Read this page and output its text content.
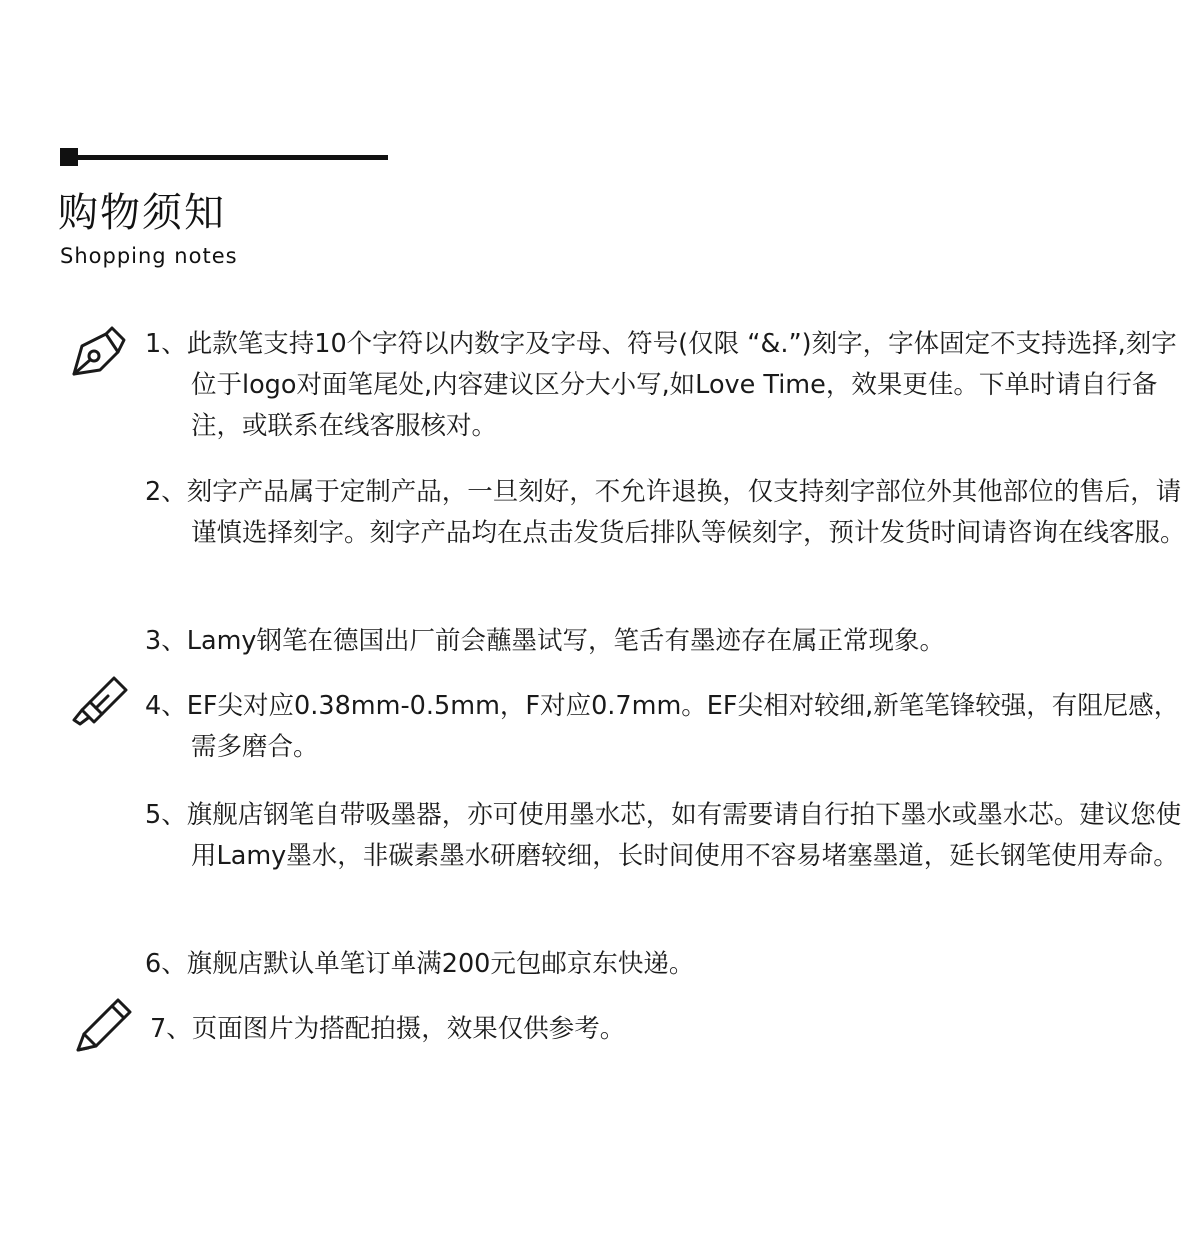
购物须知
Shopping notes
1、此款笔支持10个字符以内数字及字母、符号(仅限 “&.”)刻字，字体固定不支持选择,刻字位于logo对面笔尾处,内容建议区分大小写,如Love Time，效果更佳。下单时请自行备注，或联系在线客服核对。
2、刻字产品属于定制产品，一旦刻好，不允许退换，仅支持刻字部位外其他部位的售后，请谨慎选择刻字。刻字产品均在点击发货后排队等候刻字，预计发货时间请咨询在线客服。
3、Lamy钢笔在德国出厂前会蘸墨试写，笔舌有墨迹存在属正常现象。
4、EF尖对应0.38mm-0.5mm，F对应0.7mm。EF尖相对较细,新笔笔锋较强，有阻尼感，需多磨合。
5、旗舰店钢笔自带吸墨器，亦可使用墨水芯，如有需要请自行拍下墨水或墨水芯。建议您使用Lamy墨水，非碳素墨水研磨较细，长时间使用不容易堵塞墨道，延长钢笔使用寿命。
6、旗舰店默认单笔订单满200元包邮京东快递。
7、页面图片为搭配拍摄，效果仅供参考。
